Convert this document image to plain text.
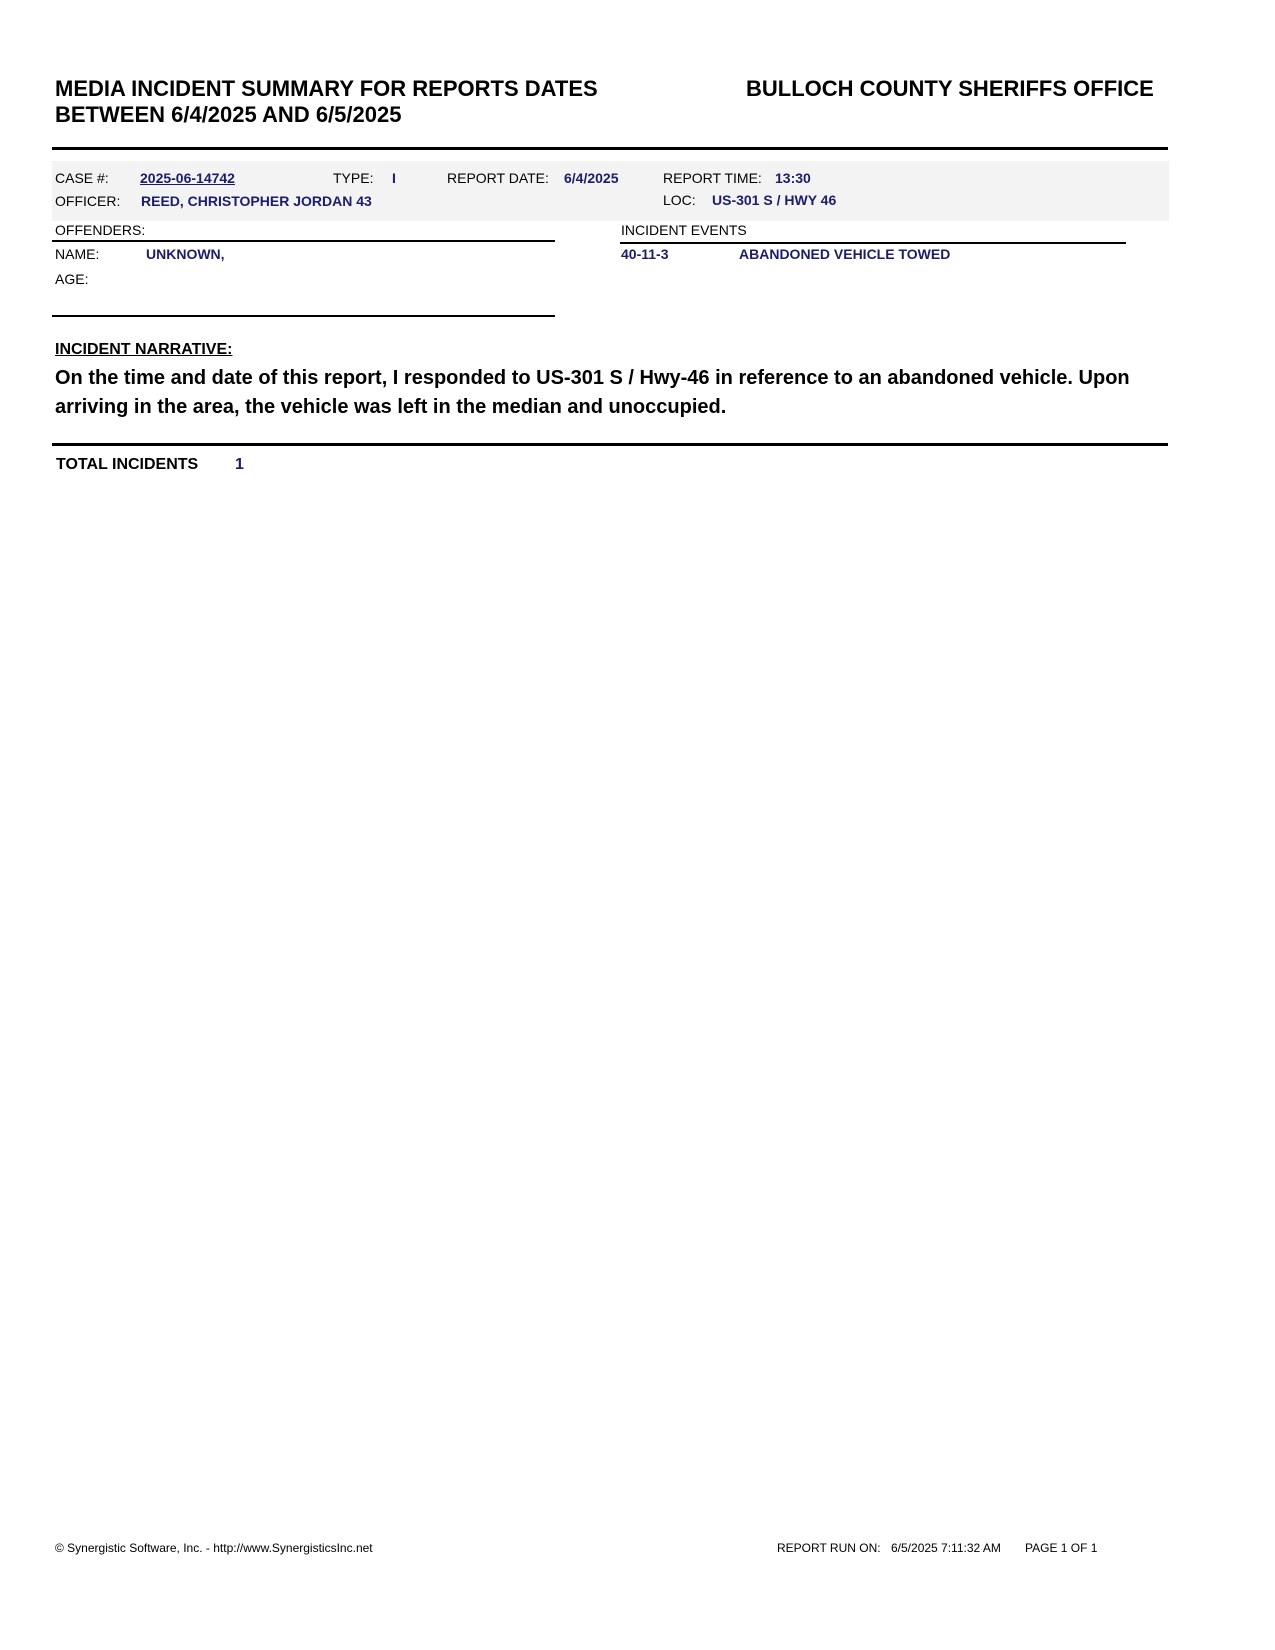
MEDIA INCIDENT SUMMARY FOR REPORTS DATES
BETWEEN 6/4/2025 AND 6/5/2025
BULLOCH COUNTY SHERIFFS OFFICE
CASE #: 2025-06-14742	TYPE: I	REPORT DATE: 6/4/2025	REPORT TIME: 13:30
OFFICER: REED, CHRISTOPHER JORDAN 43	LOC: US-301 S / HWY 46
OFFENDERS:
NAME:	UNKNOWN,
AGE:
INCIDENT EVENTS
40-11-3	ABANDONED VEHICLE TOWED
INCIDENT NARRATIVE:
On the time and date of this report, I responded to US-301 S / Hwy-46 in reference to an abandoned vehicle. Upon arriving in the area, the vehicle was left in the median and unoccupied.
TOTAL INCIDENTS 1
© Synergistic Software, Inc. - http://www.SynergisticsInc.net	REPORT RUN ON: 6/5/2025 7:11:32 AM PAGE 1 OF 1
